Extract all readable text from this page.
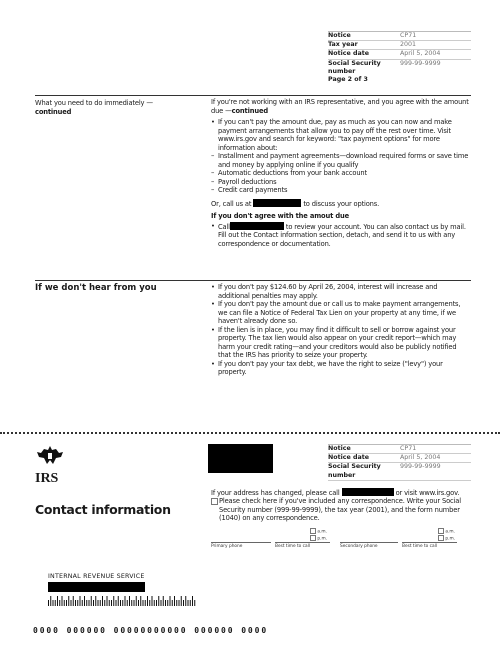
Notice	CP71
Tax year	2001
Notice date	April 5, 2004
Social Security number
999-99-9999
Page 2 of 3
What you need to do immediately —
continued
If you're not working with an IRS representative, and you agree with the amount due —continued
• If you can't pay the amount due, pay as much as you can now and make payment arrangements that allow you to pay off the rest over time. Visit www.irs.gov and search for keyword: "tax payment options" for more information about:
– Installment and payment agreements—download required forms or save time and money by applying online if you qualify
– Automatic deductions from your bank account
– Payroll deductions
– Credit card payments
Or, call us at	to discuss your options.
If you don't agree with the amout due
• Call	to review your account. You can also contact us by mail. Fill out the Contact information section, detach, and send it to us with any correspondence or documentation.
If we don't hear from you
•	If you don't pay $124.60 by April 26, 2004, interest will increase and additional penalties may apply.
• If you don't pay the amount due or call us to make payment arrangements, we can file a Notice of Federal Tax Lien on your property at any time, if we haven't already done so.
• If the lien is in place, you may find it difficult to sell or borrow against your property. The tax lien would also appear on your credit report—which may harm your credit rating—and your creditors would also be publicly notified that the IRS has priority to seize your property.
• If you don't pay your tax debt, we have the right to seize ("levy") your property.
IRS
Contact information
Notice	CP71
Notice date	April 5, 2004
Social Security number
999-99-9999
If your address has changed, please call	or visit www.irs.gov.
Please check here if you've included any correspondence. Write your Social Security number (999-99-9999), the tax year (2001), and the form number (1040) on any correspondence.
a.m.
p.m.
a.m.
p.m.
Primary phone	Best time to call	Secondary phone	Best time to call
INTERNAL REVENUE SERVICE
0000 000000 00000000000 000000 0000
